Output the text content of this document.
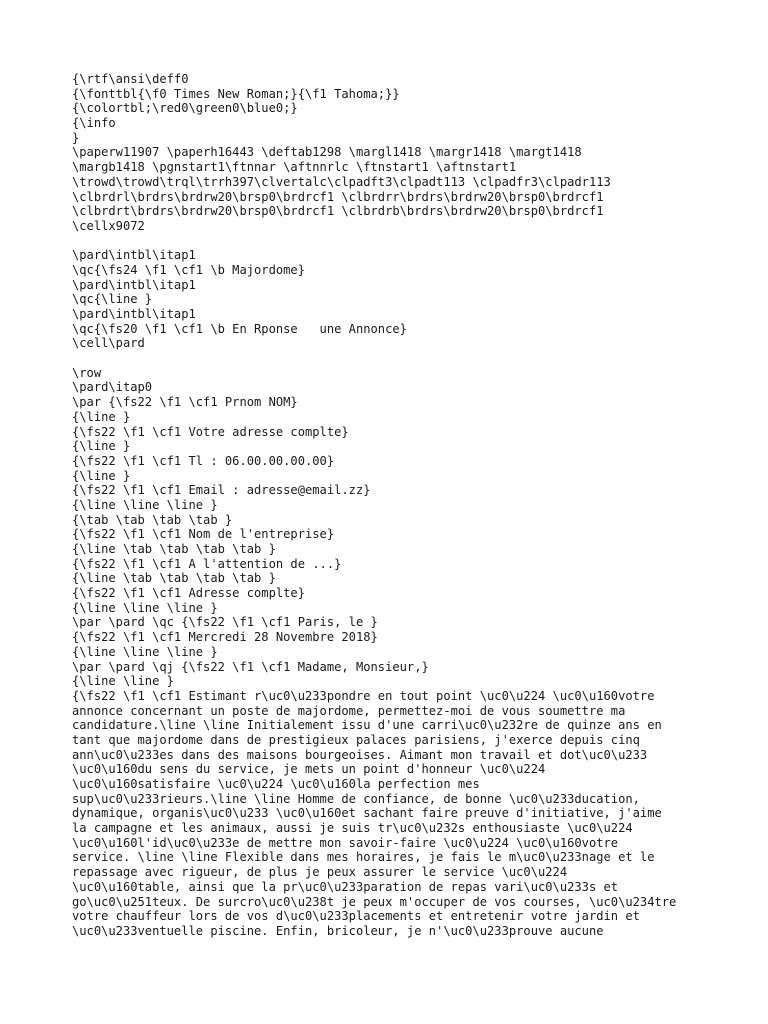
{\rtf\ansi\deff0
{\fonttbl{\f0 Times New Roman;}{\f1 Tahoma;}}
{\colortbl;\red0\green0\blue0;}
{\info
}
\paperw11907 \paperh16443 \deftab1298 \margl1418 \margr1418 \margt1418
\margb1418 \pgnstart1\ftnnar \aftnnrlc \ftnstart1 \aftnstart1
\trowd\trowd\trql\trrh397\clvertalc\clpadft3\clpadt113 \clpadfr3\clpadr113
\clbrdrl\brdrs\brdrw20\brsp0\brdrcf1 \clbrdrr\brdrs\brdrw20\brsp0\brdrcf1
\clbrdrt\brdrs\brdrw20\brsp0\brdrcf1 \clbrdrb\brdrs\brdrw20\brsp0\brdrcf1
\cellx9072
\pard\intbl\itap1
\qc{\fs24 \f1 \cf1 \b Majordome}
\pard\intbl\itap1
\qc{\line }
\pard\intbl\itap1
\qc{\fs20 \f1 \cf1 \b En Rponse   une Annonce}
\cell\pard
\row
\pard\itap0
\par {\fs22 \f1 \cf1 Prnom NOM}
{\line }
{\fs22 \f1 \cf1 Votre adresse complte}
{\line }
{\fs22 \f1 \cf1 Tl : 06.00.00.00.00}
{\line }
{\fs22 \f1 \cf1 Email : adresse@email.zz}
{\line \line \line }
{\tab \tab \tab \tab }
{\fs22 \f1 \cf1 Nom de l'entreprise}
{\line \tab \tab \tab \tab }
{\fs22 \f1 \cf1 A l'attention de ...}
{\line \tab \tab \tab \tab }
{\fs22 \f1 \cf1 Adresse complte}
{\line \line \line }
\par \pard \qc {\fs22 \f1 \cf1 Paris, le }
{\fs22 \f1 \cf1 Mercredi 28 Novembre 2018}
{\line \line \line }
\par \pard \qj {\fs22 \f1 \cf1 Madame, Monsieur,}
{\line \line }
{\fs22 \f1 \cf1 Estimant r\uc0\u233pondre en tout point \uc0\u224 \uc0\u160votre
annonce concernant un poste de majordome, permettez-moi de vous soumettre ma
candidature.\line \line Initialement issu d'une carri\uc0\u232re de quinze ans en
tant que majordome dans de prestigieux palaces parisiens, j'exerce depuis cinq
ann\uc0\u233es dans des maisons bourgeoises. Aimant mon travail et dot\uc0\u233
\uc0\u160du sens du service, je mets un point d'honneur \uc0\u224
\uc0\u160satisfaire \uc0\u224 \uc0\u160la perfection mes
sup\uc0\u233rieurs.\line \line Homme de confiance, de bonne \uc0\u233ducation,
dynamique, organis\uc0\u233 \uc0\u160et sachant faire preuve d'initiative, j'aime
la campagne et les animaux, aussi je suis tr\uc0\u232s enthousiaste \uc0\u224
\uc0\u160l'id\uc0\u233e de mettre mon savoir-faire \uc0\u224 \uc0\u160votre
service. \line \line Flexible dans mes horaires, je fais le m\uc0\u233nage et le
repassage avec rigueur, de plus je peux assurer le service \uc0\u224
\uc0\u160table, ainsi que la pr\uc0\u233paration de repas vari\uc0\u233s et
go\uc0\u251teux. De surcro\uc0\u238t je peux m'occuper de vos courses, \uc0\u234tre
votre chauffeur lors de vos d\uc0\u233placements et entretenir votre jardin et
\uc0\u233ventuelle piscine. Enfin, bricoleur, je n'\uc0\u233prouve aucune
